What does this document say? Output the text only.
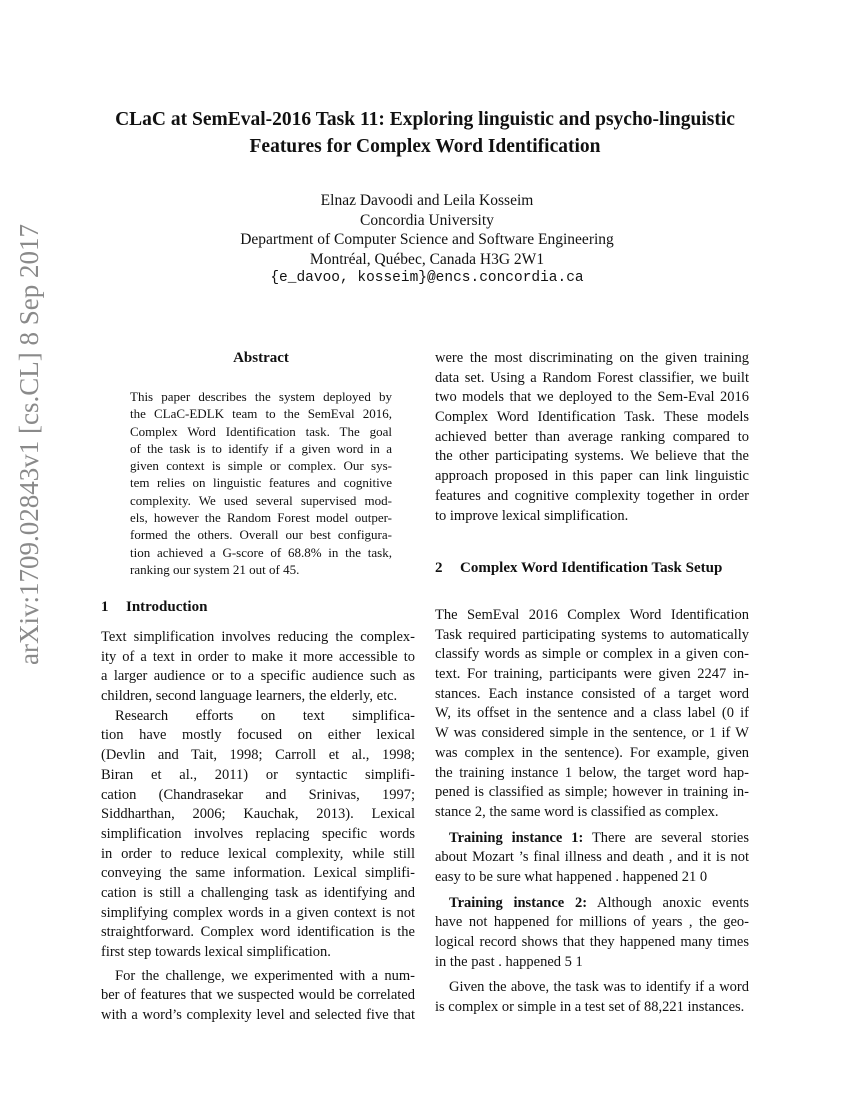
arXiv:1709.02843v1 [cs.CL] 8 Sep 2017
CLaC at SemEval-2016 Task 11: Exploring linguistic and psycho-linguistic
Features for Complex Word Identification
Elnaz Davoodi and Leila Kosseim
Concordia University
Department of Computer Science and Software Engineering
Montréal, Québec, Canada H3G 2W1
{e_davoo, kosseim}@encs.concordia.ca
Abstract
This paper describes the system deployed by
the CLaC-EDLK team to the SemEval 2016,
Complex Word Identification task. The goal
of the task is to identify if a given word in a
given context is simple or complex. Our sys-
tem relies on linguistic features and cognitive
complexity. We used several supervised mod-
els, however the Random Forest model outper-
formed the others. Overall our best configura-
tion achieved a G-score of 68.8% in the task,
ranking our system 21 out of 45.
1 Introduction
Text simplification involves reducing the complex-
ity of a text in order to make it more accessible to
a larger audience or to a specific audience such as
children, second language learners, the elderly, etc.
Research efforts on text simplifica-
tion have mostly focused on either lexical
(Devlin and Tait, 1998; Carroll et al., 1998;
Biran et al., 2011) or syntactic simplifi-
cation (Chandrasekar and Srinivas, 1997;
Siddharthan, 2006; Kauchak, 2013). Lexical
simplification involves replacing specific words
in order to reduce lexical complexity, while still
conveying the same information. Lexical simplifi-
cation is still a challenging task as identifying and
simplifying complex words in a given context is not
straightforward. Complex word identification is the
first step towards lexical simplification.
For the challenge, we experimented with a num-
ber of features that we suspected would be correlated
with a word’s complexity level and selected five that
were the most discriminating on the given training
data set. Using a Random Forest classifier, we built
two models that we deployed to the Sem-Eval 2016
Complex Word Identification Task. These models
achieved better than average ranking compared to
the other participating systems. We believe that the
approach proposed in this paper can link linguistic
features and cognitive complexity together in order
to improve lexical simplification.
2 Complex Word Identification Task Setup
The SemEval 2016 Complex Word Identification
Task required participating systems to automatically
classify words as simple or complex in a given con-
text. For training, participants were given 2247 in-
stances. Each instance consisted of a target word
W, its offset in the sentence and a class label (0 if
W was considered simple in the sentence, or 1 if W
was complex in the sentence). For example, given
the training instance 1 below, the target word hap-
pened is classified as simple; however in training in-
stance 2, the same word is classified as complex.
Training instance 1: There are several stories
about Mozart ’s final illness and death , and it is not
easy to be sure what happened . happened 21 0
Training instance 2: Although anoxic events
have not happened for millions of years , the geo-
logical record shows that they happened many times
in the past . happened 5 1
Given the above, the task was to identify if a word
is complex or simple in a test set of 88,221 instances.
